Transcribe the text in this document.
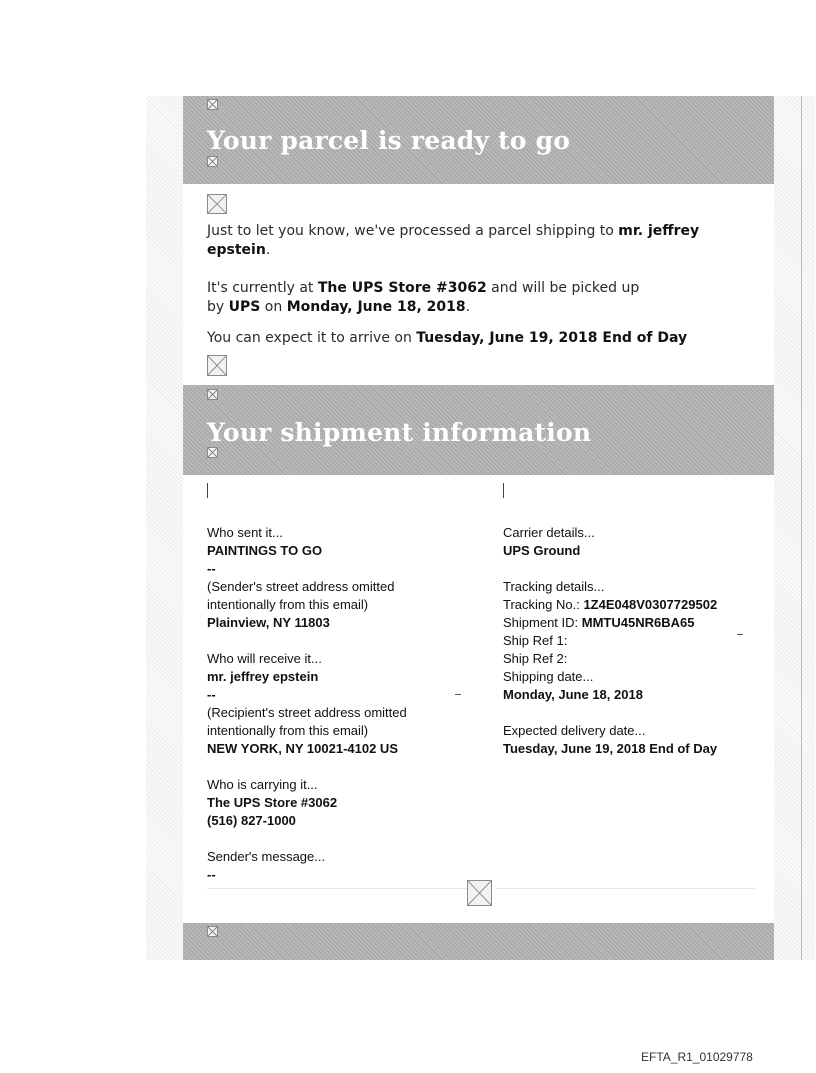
Your parcel is ready to go

Just to let you know, we've processed a parcel shipping to mr. jeffrey epstein.

It's currently at The UPS Store #3062 and will be picked up by UPS on Monday, June 18, 2018.

You can expect it to arrive on Tuesday, June 19, 2018 End of Day

Your shipment information
Who sent it...
PAINTINGS TO GO
--
(Sender's street address omitted
intentionally from this email)
Plainview, NY 11803
Who will receive it...
mr. jeffrey epstein
--
(Recipient's street address omitted
intentionally from this email)
NEW YORK, NY 10021-4102 US
Who is carrying it...
The UPS Store #3062
(516) 827-1000
Sender's message...
--
Carrier details...
UPS Ground
Tracking details...
Tracking No.: 1Z4E048V0307729502
Shipment ID: MMTU45NR6BA65
Ship Ref 1:
Ship Ref 2:
Shipping date...
Monday, June 18, 2018
Expected delivery date...
Tuesday, June 19, 2018 End of Day
EFTA_R1_01029778
